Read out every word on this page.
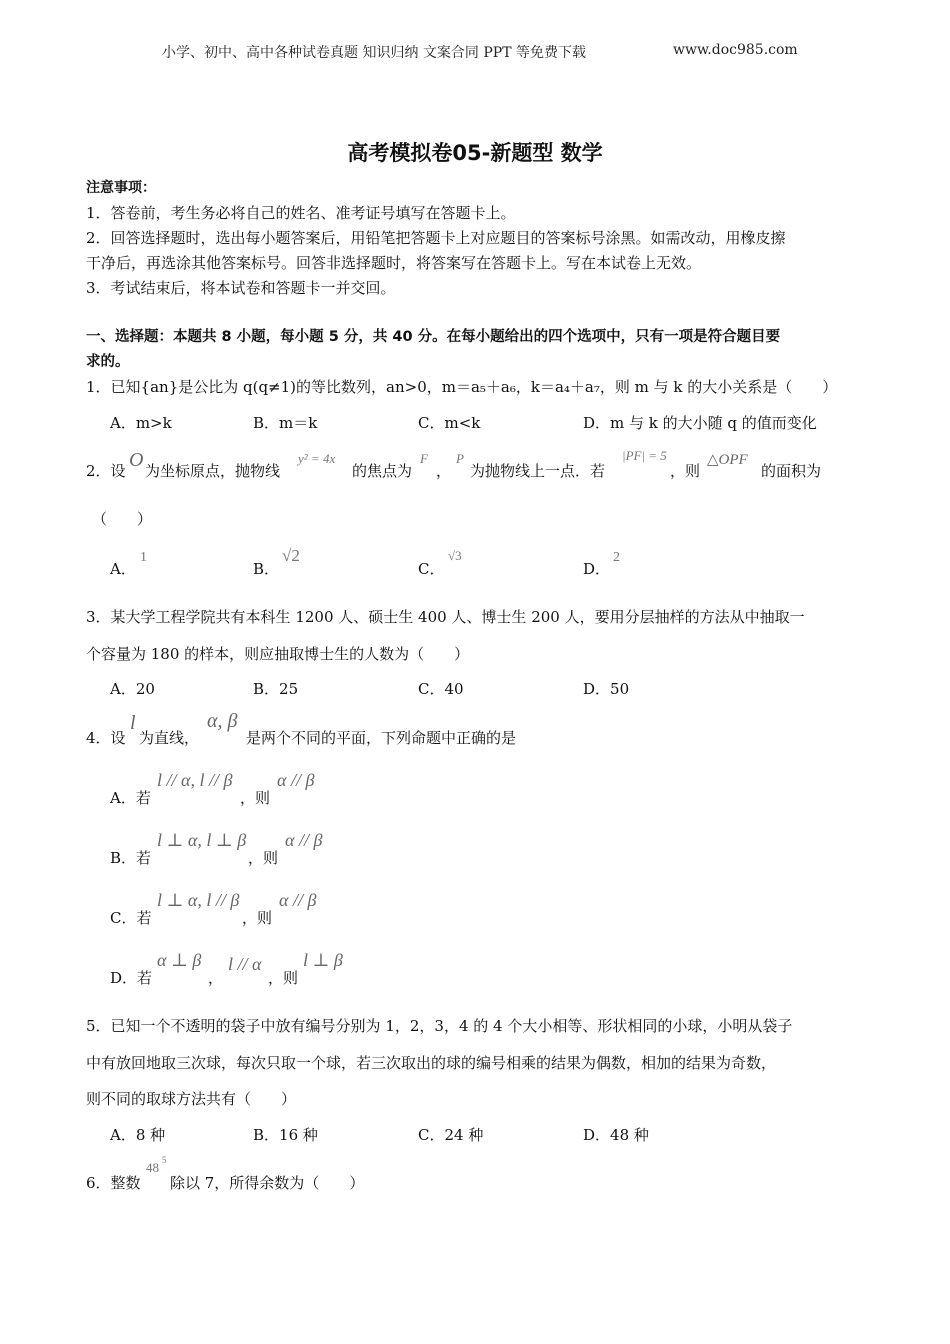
小学、初中、高中各种试卷真题 知识归纳 文案合同 PPT 等免费下载	www.doc985.com
高考模拟卷05-新题型 数学
注意事项：
1．答卷前，考生务必将自己的姓名、准考证号填写在答题卡上。
2．回答选择题时，选出每小题答案后，用铅笔把答题卡上对应题目的答案标号涂黑。如需改动，用橡皮擦
干净后，再选涂其他答案标号。回答非选择题时，将答案写在答题卡上。写在本试卷上无效。
3．考试结束后，将本试卷和答题卡一并交回。
一、选择题：本题共 8 小题，每小题 5 分，共 40 分。在每小题给出的四个选项中，只有一项是符合题目要
求的。
1．已知{an}是公比为 q(q≠1)的等比数列，an>0，m＝a₅＋a₆，k＝a₄＋a₇，则 m 与 k 的大小关系是（　　）
A．m>k	B．m＝k	C．m<k	D．m 与 k 的大小随 q 的值而变化
2．设 O 为坐标原点，抛物线
y² = 4x
的焦点为
F
，
P
为抛物线上一点．若
|PF| = 5
，则
△OPF
的面积为
（　　）
A．
1
B．
√2
C．
√3
D．
2
3．某大学工程学院共有本科生 1200 人、硕士生 400 人、博士生 200 人，要用分层抽样的方法从中抽取一
个容量为 180 的样本，则应抽取博士生的人数为（　　）
A．20	B．25	C．40	D．50
4．设
l
为直线，
α, β
是两个不同的平面，下列命题中正确的是
A．若
l // α, l // β
，则
α // β
B．若
l ⊥ α, l ⊥ β
，则
α // β
C．若
l ⊥ α, l // β
，则
α // β
D．若
α ⊥ β
，
l // α
，则
l ⊥ β
5．已知一个不透明的袋子中放有编号分别为 1，2，3，4 的 4 个大小相等、形状相同的小球，小明从袋子
中有放回地取三次球，每次只取一个球，若三次取出的球的编号相乘的结果为偶数，相加的结果为奇数，
则不同的取球方法共有（　　）
A．8 种	B．16 种	C．24 种	D．48 种
6．整数
48 5
除以 7，所得余数为（　　）
